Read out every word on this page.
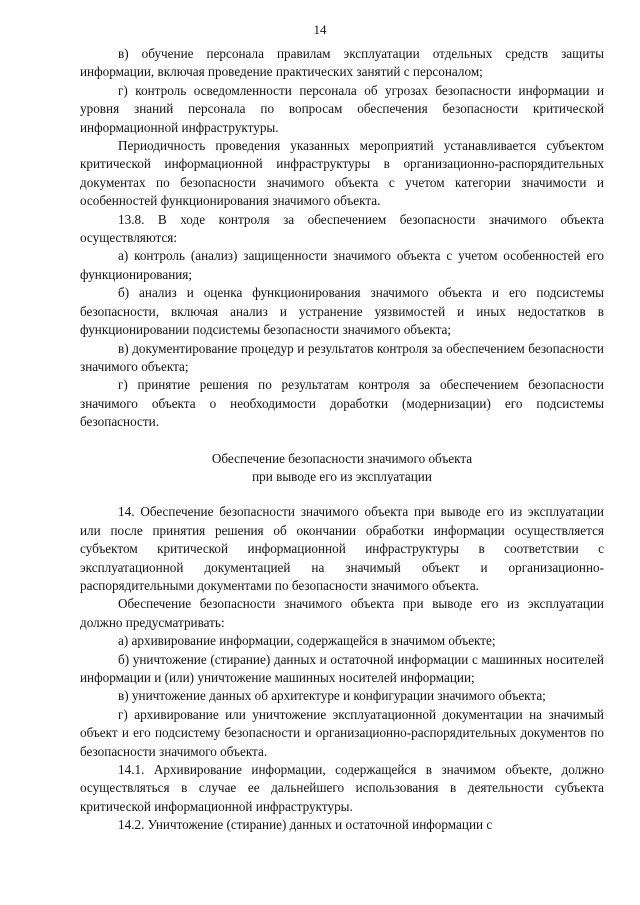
14

в) обучение персонала правилам эксплуатации отдельных средств защиты информации, включая проведение практических занятий с персоналом;

г) контроль осведомленности персонала об угрозах безопасности информации и уровня знаний персонала по вопросам обеспечения безопасности критической информационной инфраструктуры.

Периодичность проведения указанных мероприятий устанавливается субъектом критической информационной инфраструктуры в организационно-распорядительных документах по безопасности значимого объекта с учетом категории значимости и особенностей функционирования значимого объекта.

13.8. В ходе контроля за обеспечением безопасности значимого объекта осуществляются:

а) контроль (анализ) защищенности значимого объекта с учетом особенностей его функционирования;

б) анализ и оценка функционирования значимого объекта и его подсистемы безопасности, включая анализ и устранение уязвимостей и иных недостатков в функционировании подсистемы безопасности значимого объекта;

в) документирование процедур и результатов контроля за обеспечением безопасности значимого объекта;

г) принятие решения по результатам контроля за обеспечением безопасности значимого объекта о необходимости доработки (модернизации) его подсистемы безопасности.

Обеспечение безопасности значимого объекта
при выводе его из эксплуатации

14. Обеспечение безопасности значимого объекта при выводе его из эксплуатации или после принятия решения об окончании обработки информации осуществляется субъектом критической информационной инфраструктуры в соответствии с эксплуатационной документацией на значимый объект и организационно-распорядительными документами по безопасности значимого объекта.

Обеспечение безопасности значимого объекта при выводе его из эксплуатации должно предусматривать:

а) архивирование информации, содержащейся в значимом объекте;

б) уничтожение (стирание) данных и остаточной информации с машинных носителей информации и (или) уничтожение машинных носителей информации;

в) уничтожение данных об архитектуре и конфигурации значимого объекта;

г) архивирование или уничтожение эксплуатационной документации на значимый объект и его подсистему безопасности и организационно-распорядительных документов по безопасности значимого объекта.

14.1. Архивирование информации, содержащейся в значимом объекте, должно осуществляться в случае ее дальнейшего использования в деятельности субъекта критической информационной инфраструктуры.

14.2. Уничтожение (стирание) данных и остаточной информации с
